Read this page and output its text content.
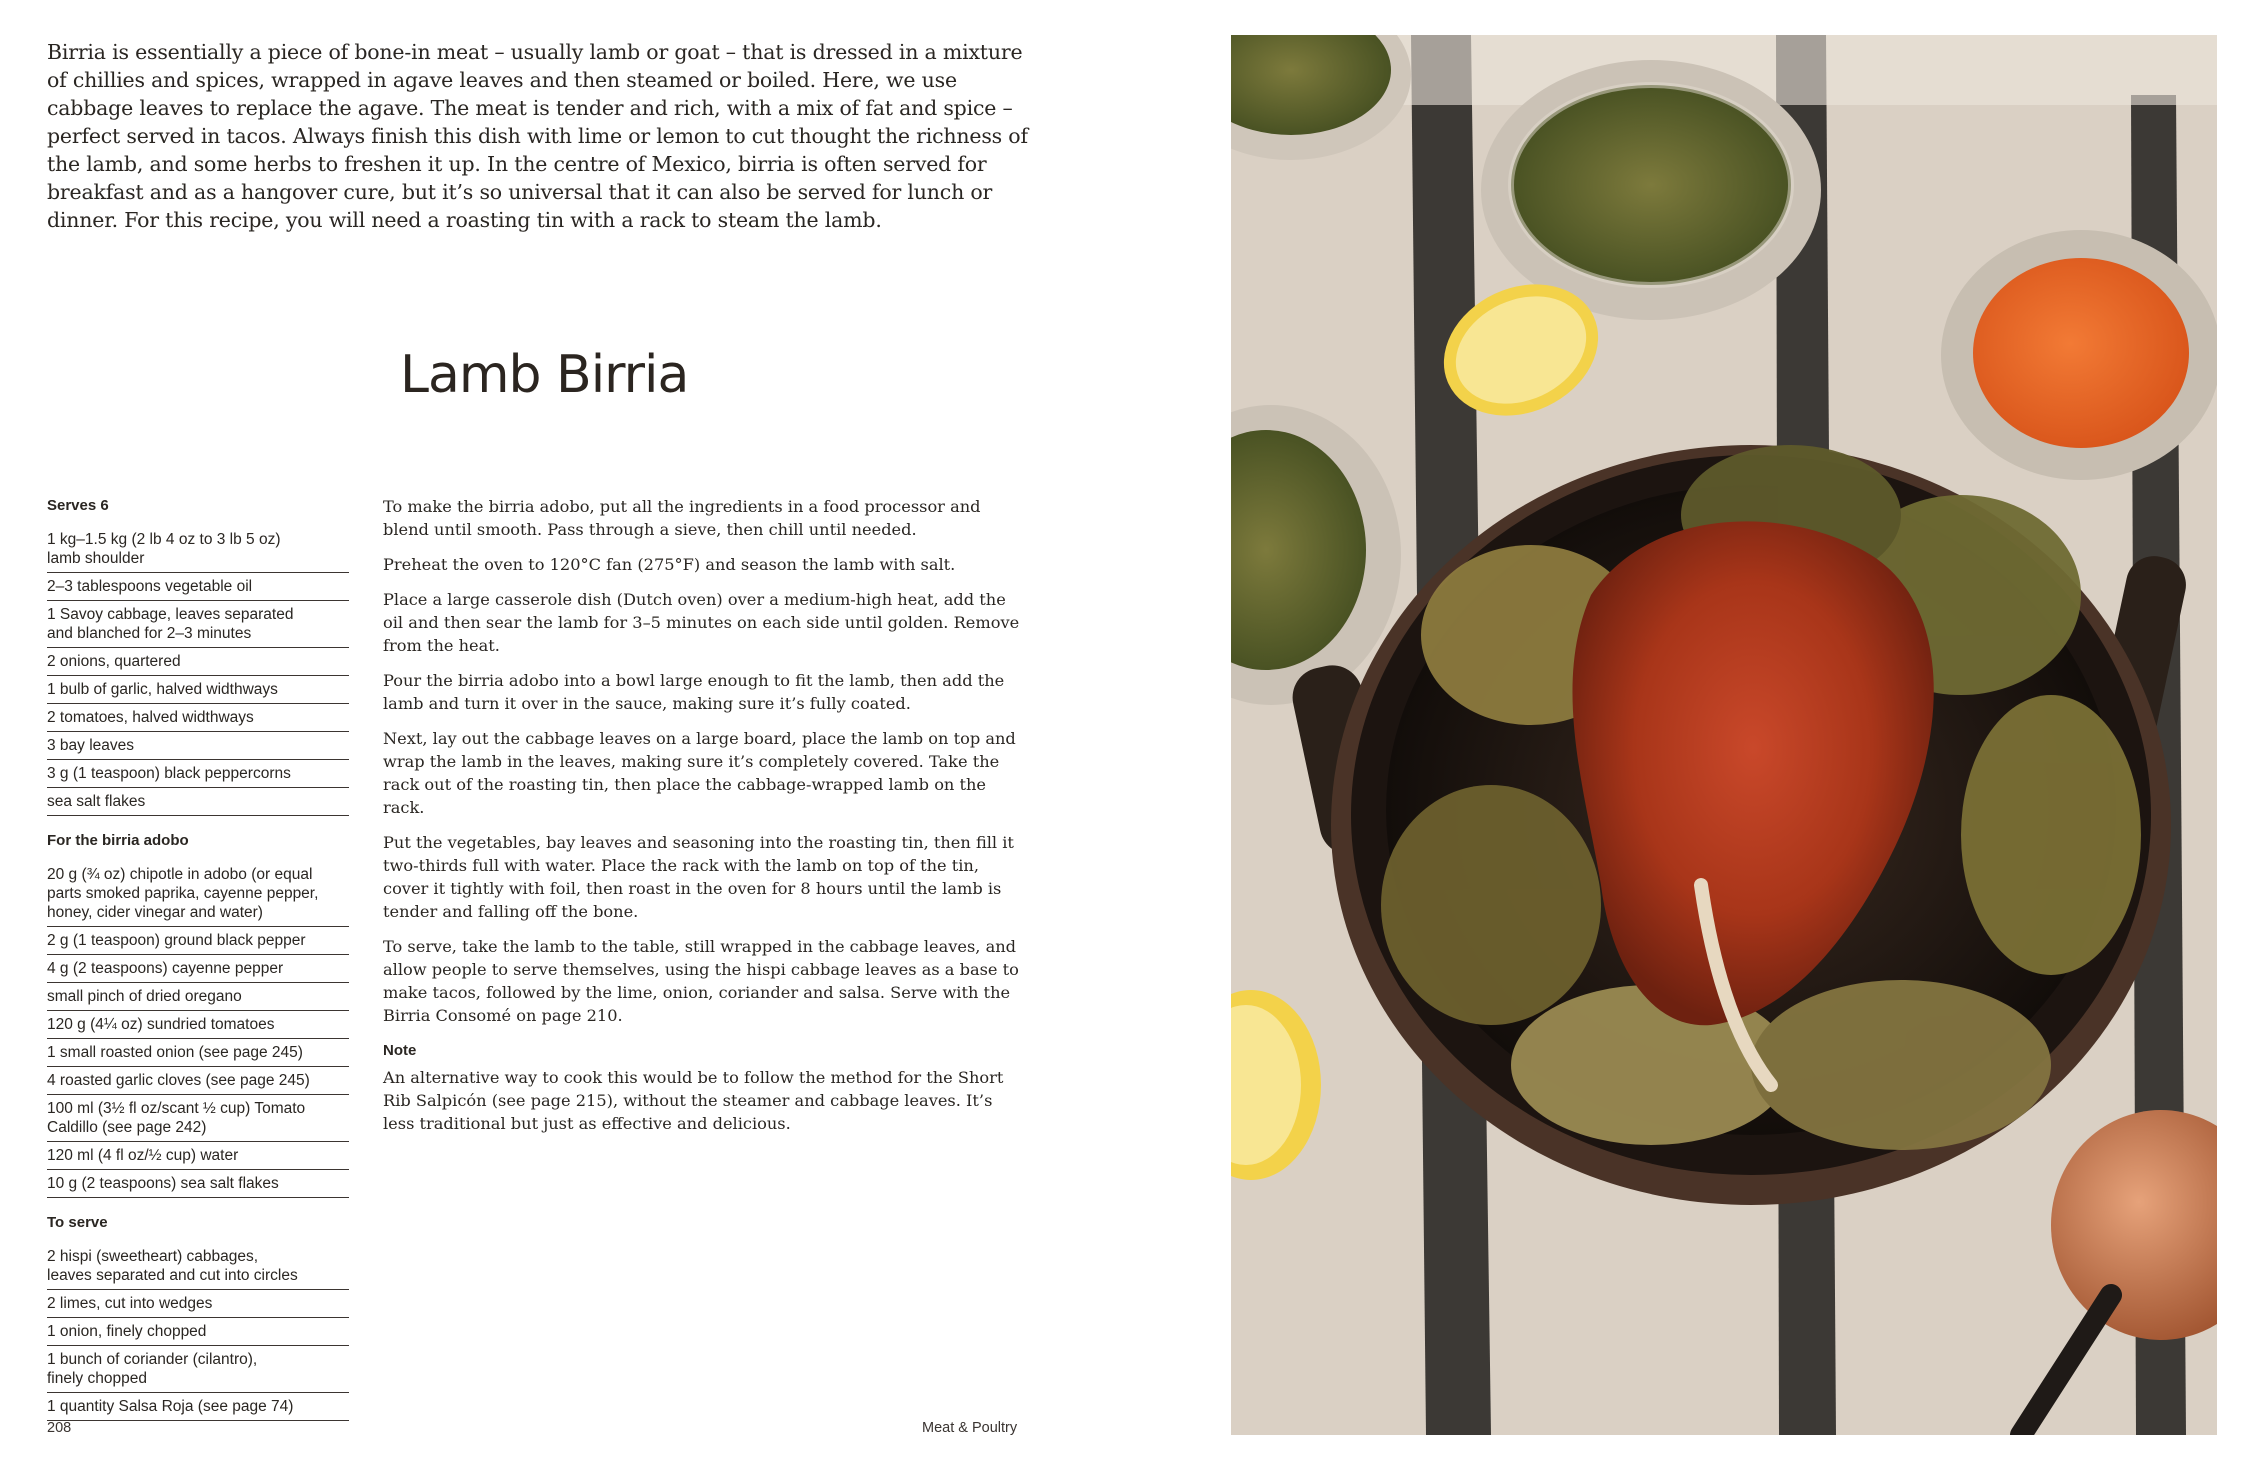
Birria is essentially a piece of bone-in meat – usually lamb or goat – that is dressed in a mixture of chillies and spices, wrapped in agave leaves and then steamed or boiled. Here, we use cabbage leaves to replace the agave. The meat is tender and rich, with a mix of fat and spice – perfect served in tacos. Always finish this dish with lime or lemon to cut thought the richness of the lamb, and some herbs to freshen it up. In the centre of Mexico, birria is often served for breakfast and as a hangover cure, but it’s so universal that it can also be served for lunch or dinner. For this recipe, you will need a roasting tin with a rack to steam the lamb.

Lamb Birria
Serves 6
1 kg–1.5 kg (2 lb 4 oz to 3 lb 5 oz)
lamb shoulder
2–3 tablespoons vegetable oil
1 Savoy cabbage, leaves separated
and blanched for 2–3 minutes
2 onions, quartered
1 bulb of garlic, halved widthways
2 tomatoes, halved widthways
3 bay leaves
3 g (1 teaspoon) black peppercorns
sea salt flakes
For the birria adobo
20 g (¾ oz) chipotle in adobo (or equal
parts smoked paprika, cayenne pepper,
honey, cider vinegar and water)
2 g (1 teaspoon) ground black pepper
4 g (2 teaspoons) cayenne pepper
small pinch of dried oregano
120 g (4¼ oz) sundried tomatoes
1 small roasted onion (see page 245)
4 roasted garlic cloves (see page 245)
100 ml (3½ fl oz/scant ½ cup) Tomato
Caldillo (see page 242)
120 ml (4 fl oz/½ cup) water
10 g (2 teaspoons) sea salt flakes
To serve
2 hispi (sweetheart) cabbages,
leaves separated and cut into circles
2 limes, cut into wedges
1 onion, finely chopped
1 bunch of coriander (cilantro),
finely chopped
1 quantity Salsa Roja (see page 74)

To make the birria adobo, put all the ingredients in a food processor and blend until smooth. Pass through a sieve, then chill until needed.

Preheat the oven to 120°C fan (275°F) and season the lamb with salt.

Place a large casserole dish (Dutch oven) over a medium-high heat, add the oil and then sear the lamb for 3–5 minutes on each side until golden. Remove from the heat.

Pour the birria adobo into a bowl large enough to fit the lamb, then add the lamb and turn it over in the sauce, making sure it’s fully coated.

Next, lay out the cabbage leaves on a large board, place the lamb on top and wrap the lamb in the leaves, making sure it’s completely covered. Take the rack out of the roasting tin, then place the cabbage-wrapped lamb on the rack.

Put the vegetables, bay leaves and seasoning into the roasting tin, then fill it two-thirds full with water. Place the rack with the lamb on top of the tin, cover it tightly with foil, then roast in the oven for 8 hours until the lamb is tender and falling off the bone.

To serve, take the lamb to the table, still wrapped in the cabbage leaves, and allow people to serve themselves, using the hispi cabbage leaves as a base to make tacos, followed by the lime, onion, coriander and salsa. Serve with the Birria Consomé on page 210.

Note

An alternative way to cook this would be to follow the method for the Short Rib Salpicón (see page 215), without the steamer and cabbage leaves. It’s less traditional but just as effective and delicious.

208	Meat & Poultry
